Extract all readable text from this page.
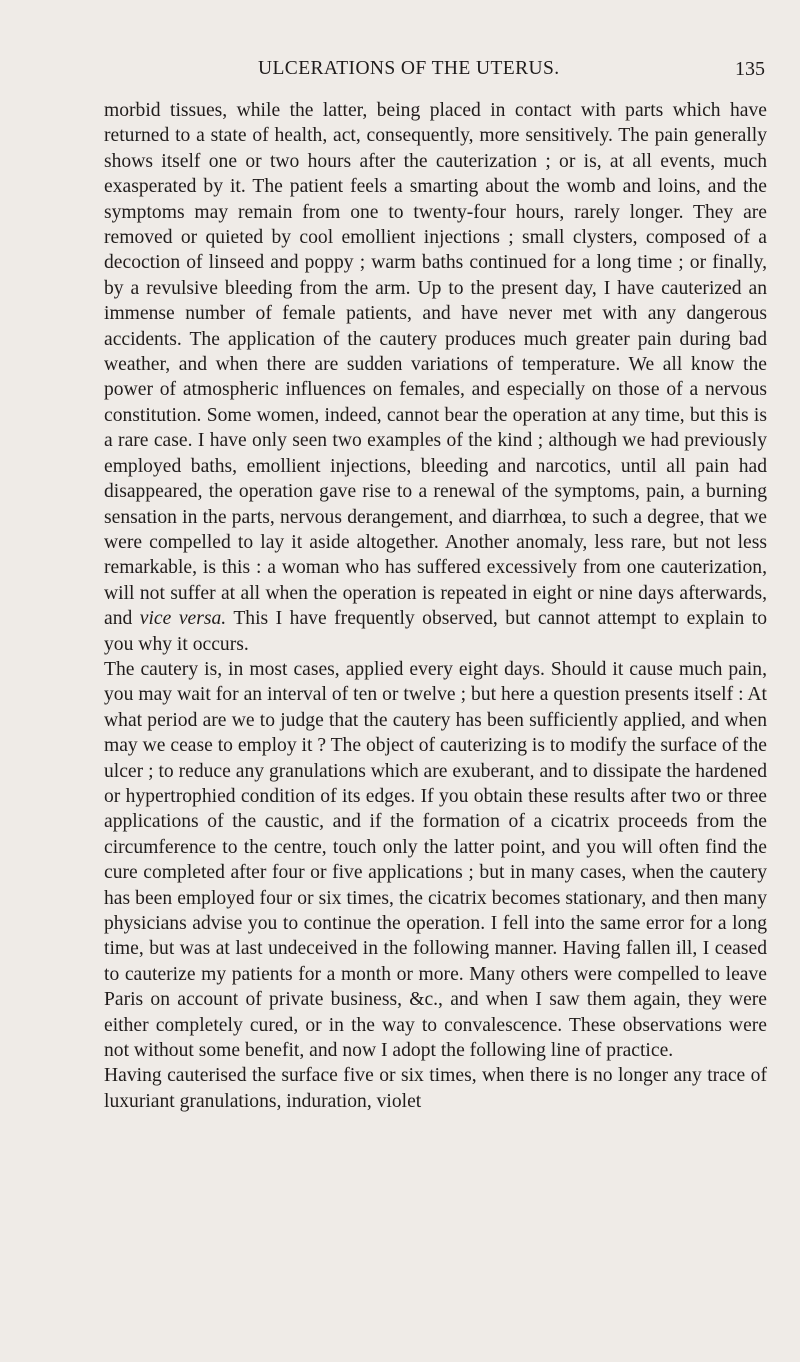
ULCERATIONS OF THE UTERUS.	135

morbid tissues, while the latter, being placed in contact with parts which have returned to a state of health, act, consequently, more sensitively. The pain generally shows itself one or two hours after the cauterization ; or is, at all events, much exasperated by it. The patient feels a smarting about the womb and loins, and the symptoms may remain from one to twenty-four hours, rarely longer. They are removed or quieted by cool emollient injections ; small clysters, composed of a decoction of linseed and poppy ; warm baths continued for a long time ; or finally, by a revulsive bleeding from the arm. Up to the present day, I have cauterized an immense number of female patients, and have never met with any dangerous accidents. The application of the cautery produces much greater pain during bad weather, and when there are sudden variations of temperature. We all know the power of atmospheric influences on females, and especially on those of a nervous constitution. Some women, indeed, cannot bear the operation at any time, but this is a rare case. I have only seen two examples of the kind ; although we had previously employed baths, emollient injections, bleeding and narcotics, until all pain had disappeared, the operation gave rise to a renewal of the symptoms, pain, a burning sensation in the parts, nervous derangement, and diarrhœa, to such a degree, that we were compelled to lay it aside altogether. Another anomaly, less rare, but not less remarkable, is this : a woman who has suffered excessively from one cauterization, will not suffer at all when the operation is repeated in eight or nine days afterwards, and vice versa. This I have frequently observed, but cannot attempt to explain to you why it occurs.

The cautery is, in most cases, applied every eight days. Should it cause much pain, you may wait for an interval of ten or twelve ; but here a question presents itself : At what period are we to judge that the cautery has been sufficiently applied, and when may we cease to employ it ? The object of cauterizing is to modify the surface of the ulcer ; to reduce any granulations which are exuberant, and to dissipate the hardened or hypertrophied condition of its edges. If you obtain these results after two or three applications of the caustic, and if the formation of a cicatrix proceeds from the circumference to the centre, touch only the latter point, and you will often find the cure completed after four or five applications ; but in many cases, when the cautery has been employed four or six times, the cicatrix becomes stationary, and then many physicians advise you to continue the operation. I fell into the same error for a long time, but was at last undeceived in the following manner. Having fallen ill, I ceased to cauterize my patients for a month or more. Many others were compelled to leave Paris on account of private business, &c., and when I saw them again, they were either completely cured, or in the way to convalescence. These observations were not without some benefit, and now I adopt the following line of practice.

Having cauterised the surface five or six times, when there is no longer any trace of luxuriant granulations, induration, violet
